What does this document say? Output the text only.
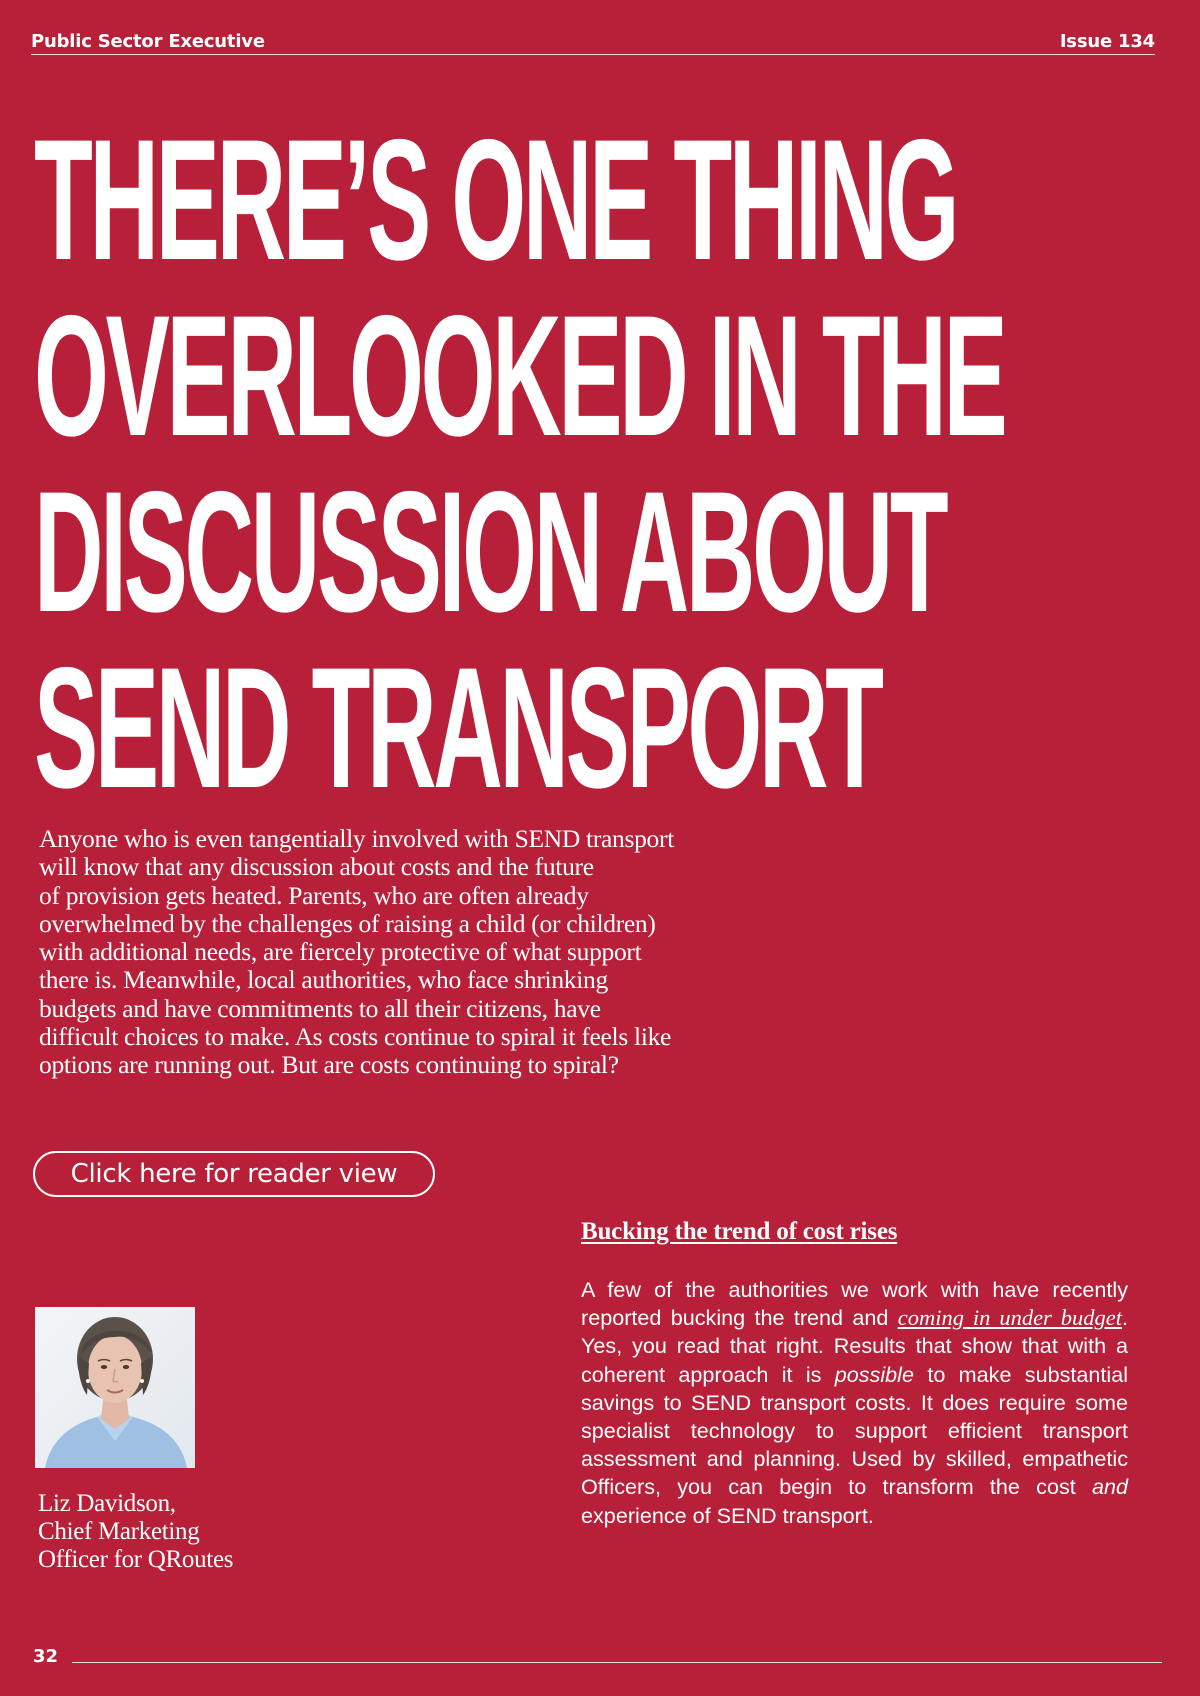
Public Sector Executive	Issue 134
THERE’S ONE THING
OVERLOOKED IN THE
DISCUSSION ABOUT
SEND TRANSPORT

Anyone who is even tangentially involved with SEND transport
will know that any discussion about costs and the future
of provision gets heated. Parents, who are often already
overwhelmed by the challenges of raising a child (or children)
with additional needs, are fiercely protective of what support
there is. Meanwhile, local authorities, who face shrinking
budgets and have commitments to all their citizens, have
difficult choices to make. As costs continue to spiral it feels like
options are running out. But are costs continuing to spiral?

Click here for reader view
Bucking the trend of cost rises

A few of the authorities we work with have recently reported bucking the trend and coming in under budget. Yes, you read that right. Results that show that with a coherent approach it is possible to make substantial savings to SEND transport costs. It does require some specialist technology to support efficient transport assessment and planning. Used by skilled, empathetic Officers, you can begin to transform the cost and experience of SEND transport.

Liz Davidson,
Chief Marketing
Officer for QRoutes

32
